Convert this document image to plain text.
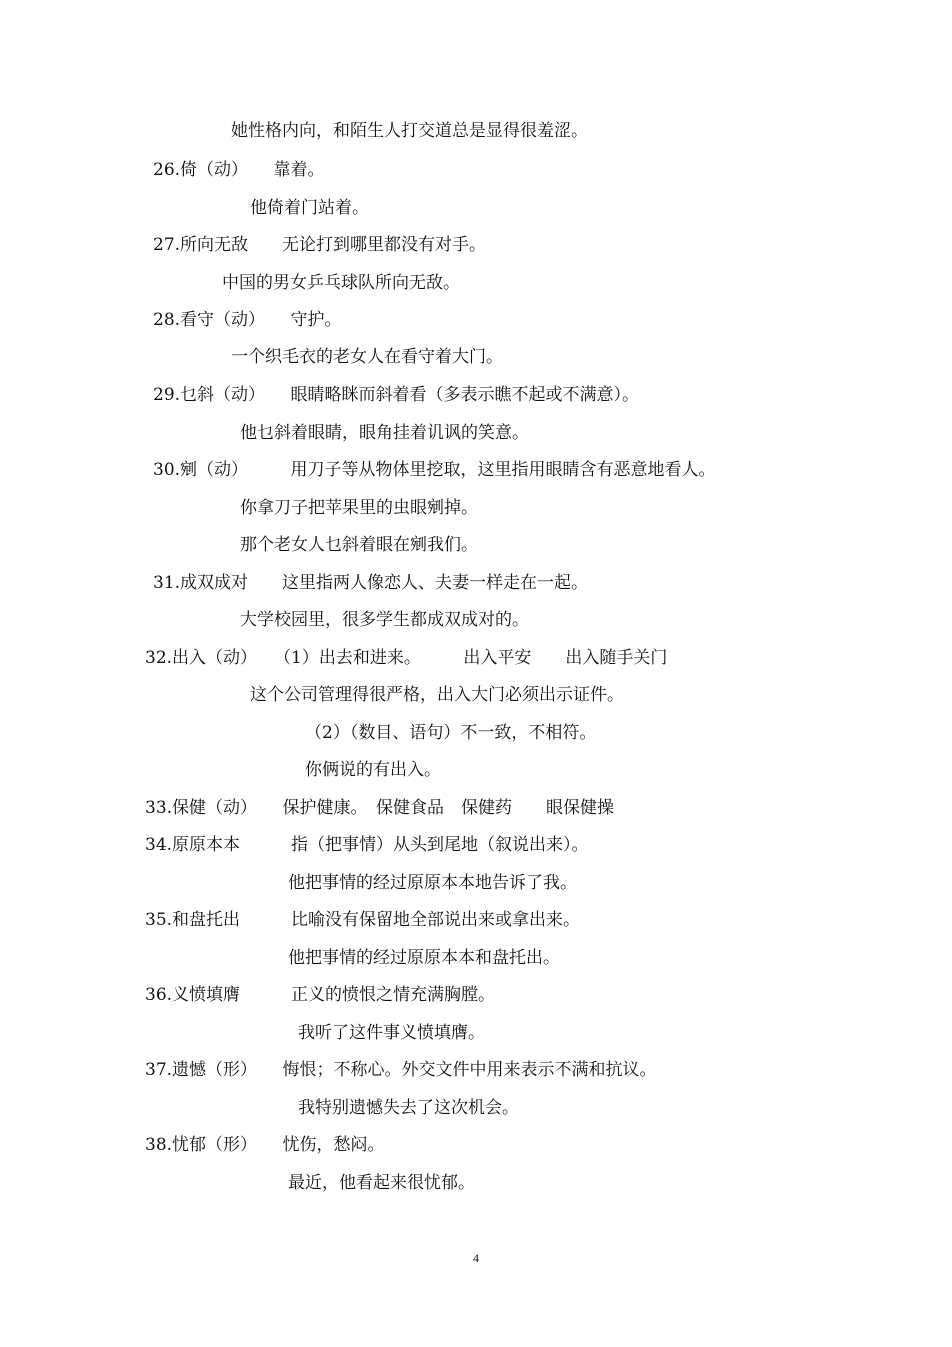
她性格内向，和陌生人打交道总是显得很羞涩。
26.倚（动）　　靠着。
他倚着门站着。
27.所向无敌　　无论打到哪里都没有对手。
中国的男女乒乓球队所向无敌。
28.看守（动）　　守护。
一个织毛衣的老女人在看守着大门。
29.乜斜（动）　　眼睛略眯而斜着看（多表示瞧不起或不满意）。
他乜斜着眼睛，眼角挂着讥讽的笑意。
30.剜（动）　　　用刀子等从物体里挖取，这里指用眼睛含有恶意地看人。
你拿刀子把苹果里的虫眼剜掉。
那个老女人乜斜着眼在剜我们。
31.成双成对　　这里指两人像恋人、夫妻一样走在一起。
大学校园里，很多学生都成双成对的。
32.出入（动）　　（1）出去和进来。　　　出入平安　　出入随手关门
这个公司管理得很严格，出入大门必须出示证件。
（2）（数目、语句）不一致，不相符。
你俩说的有出入。
33.保健（动）　　保护健康。　保健食品　保健药　　眼保健操
34.原原本本　　　指（把事情）从头到尾地（叙说出来）。
他把事情的经过原原本本地告诉了我。
35.和盘托出　　　比喻没有保留地全部说出来或拿出来。
他把事情的经过原原本本和盘托出。
36.义愤填膺　　　正义的愤恨之情充满胸膛。
我听了这件事义愤填膺。
37.遗憾（形）　　悔恨；不称心。外交文件中用来表示不满和抗议。
我特别遗憾失去了这次机会。
38.忧郁（形）　　忧伤，愁闷。
最近，他看起来很忧郁。
4
